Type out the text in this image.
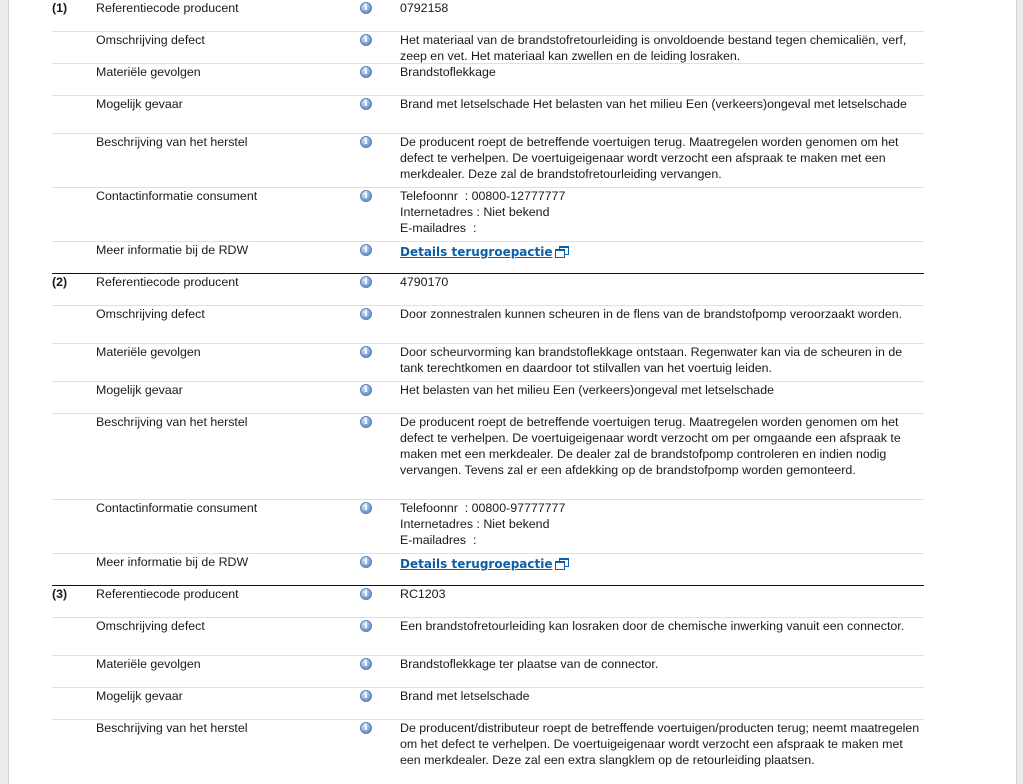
(1)	Referentiecode producent	i	0792158
Omschrijving defect	i	Het materiaal van de brandstofretourleiding is onvoldoende bestand tegen chemicaliën, verf, zeep en vet. Het materiaal kan zwellen en de leiding losraken.
Materiële gevolgen	i	Brandstoflekkage
Mogelijk gevaar	i	Brand met letselschade Het belasten van het milieu Een (verkeers)ongeval met letselschade
Beschrijving van het herstel	i	De producent roept de betreffende voertuigen terug. Maatregelen worden genomen om het defect te verhelpen. De voertuigeigenaar wordt verzocht een afspraak te maken met een merkdealer. Deze zal de brandstofretourleiding vervangen.
Contactinformatie consument	i	Telefoonnr  : 00800-12777777
Internetadres : Niet bekend
E-mailadres  :
Meer informatie bij de RDW	i	Details terugroepactie
(2)	Referentiecode producent	i	4790170
Omschrijving defect	i	Door zonnestralen kunnen scheuren in de flens van de brandstofpomp veroorzaakt worden.
Materiële gevolgen	i	Door scheurvorming kan brandstoflekkage ontstaan. Regenwater kan via de scheuren in de tank terechtkomen en daardoor tot stilvallen van het voertuig leiden.
Mogelijk gevaar	i	Het belasten van het milieu Een (verkeers)ongeval met letselschade
Beschrijving van het herstel	i	De producent roept de betreffende voertuigen terug. Maatregelen worden genomen om het defect te verhelpen. De voertuigeigenaar wordt verzocht om per omgaande een afspraak te maken met een merkdealer. De dealer zal de brandstofpomp controleren en indien nodig vervangen. Tevens zal er een afdekking op de brandstofpomp worden gemonteerd.
Contactinformatie consument	i	Telefoonnr  : 00800-97777777
Internetadres : Niet bekend
E-mailadres  :
Meer informatie bij de RDW	i	Details terugroepactie
(3)	Referentiecode producent	i	RC1203
Omschrijving defect	i	Een brandstofretourleiding kan losraken door de chemische inwerking vanuit een connector.
Materiële gevolgen	i	Brandstoflekkage ter plaatse van de connector.
Mogelijk gevaar	i	Brand met letselschade
Beschrijving van het herstel	i	De producent/distributeur roept de betreffende voertuigen/producten terug; neemt maatregelen om het defect te verhelpen. De voertuigeigenaar wordt verzocht een afspraak te maken met een merkdealer. Deze zal een extra slangklem op de retourleiding plaatsen.
